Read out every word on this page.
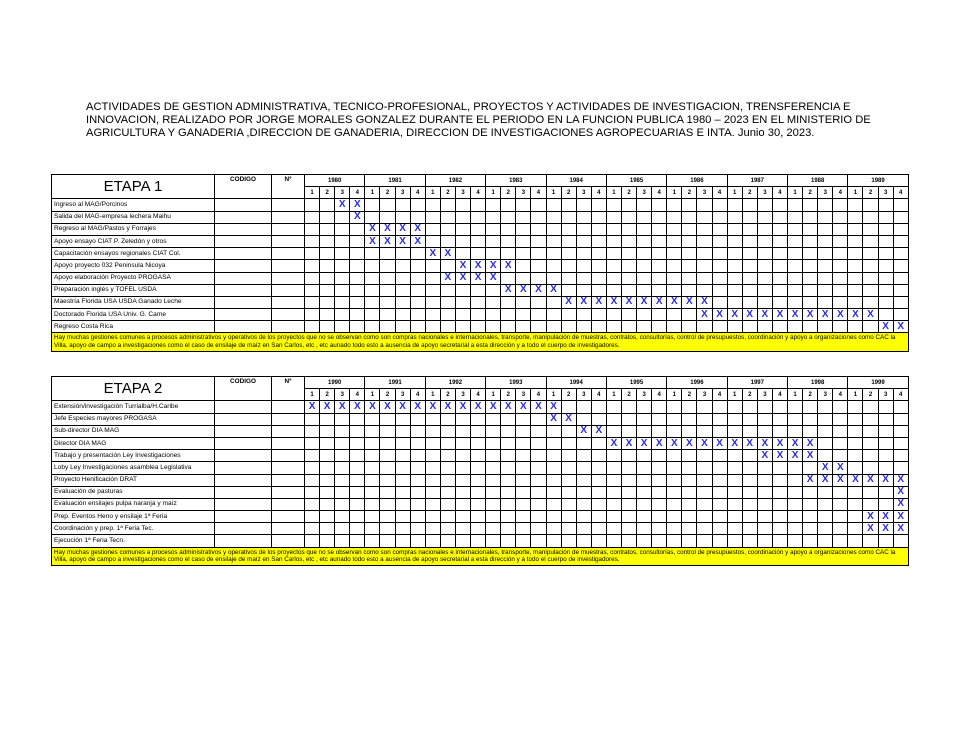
ACTIVIDADES DE GESTION ADMINISTRATIVA, TECNICO-PROFESIONAL, PROYECTOS Y ACTIVIDADES DE INVESTIGACION, TRENSFERENCIA E INNOVACION, REALIZADO POR JORGE MORALES GONZALEZ DURANTE EL PERIODO EN LA FUNCION PUBLICA 1980 – 2023 EN EL MINISTERIO DE AGRICULTURA Y GANADERIA ,DIRECCION DE GANADERIA, DIRECCION DE INVESTIGACIONES AGROPECUARIAS E INTA. Junio 30, 2023.

ETAPA 1	CODIGO	Nº	1980				1981				1982				1983				1984				1985				1986				1987				1988				1989			
			1	2	3	4	1	2	3	4	1	2	3	4	1	2	3	4	1	2	3	4	1	2	3	4	1	2	3	4	1	2	3	4	1	2	3	4	1	2	3	4
Ingreso al MAG/Porcinos					X	X																																				
Salida del MAG-empresa lechera Maihu						X																																				
Regreso al MAG/Pastos y Forrajes							X	X	X	X																																
Apoyo ensayo CIAT P. Zeledón y otros							X	X	X	X																																
Capacitación ensayos regionales CIAT Col.											X	X																														
Apoyo proyecto 032 Peninsula Nicoya													X	X	X	X																										
Apoyo elaboración Proyecto PROGASA												X	X	X	X																											
Preparación inglés y TOFEL USDA																X	X	X	X																							
Maestría Florida USA USDA Ganado Leche																				X	X	X	X	X	X	X	X	X	X													
Doctorado Florida USA Univ. G. Came																													X	X	X	X	X	X	X	X	X	X	X	X		
Regreso Costa Rica																																									X	X
Hay muchas gestiones comunes a procesos administrativos y operativos de los proyectos que no se observan como son compras nacionales e internacionales, transporte, manipulación de muestras, contratos, consultorías, control de presupuestos, coordinación y apoyo a organizaciones como CAC la Villa, apoyo de campo a investigaciones como el caso de ensilaje de maíz en San Carlos, etc , etc aunado todo esto a ausencia de apoyo secretarial a esta dirección y a todo el cuerpo de investigadores.																																										
ETAPA 2	CODIGO	Nº	1990				1991				1992				1993				1994				1995				1996				1997				1998				1999			
			1	2	3	4	1	2	3	4	1	2	3	4	1	2	3	4	1	2	3	4	1	2	3	4	1	2	3	4	1	2	3	4	1	2	3	4	1	2	3	4
Extensión/investigación Turrialba/H.Caribe			X	X	X	X	X	X	X	X	X	X	X	X	X	X	X	X	X																							
Jefe Especies mayores PROGASA																			X	X																						
Sub-director DIA MAG																					X	X																				
Director DIA MAG																							X	X	X	X	X	X	X	X	X	X	X	X	X	X						
Trabajo y presentación Ley Investigaciones																																	X	X	X	X						
Loby Ley Investigaciones asamblea Legislativa																																					X	X				
Proyecto Henificación DRAT																																				X	X	X	X	X	X	X
Evaluación de pasturas																																										X
Evaluación ensilajes pulpa naranja y maíz																																										X
Prep. Eventos Heno y ensilaje 1ª Feria																																								X	X	X
Coordinación y prep. 1ª Feria Tec.																																								X	X	X
Ejecución 1ª Feria Tecn.																																										
Hay muchas gestiones comunes a procesos administrativos y operativos de los proyectos que no se observan como son compras nacionales e internacionales, transporte, manipulación de muestras, contratos, consultorías, control de presupuestos, coordinación y apoyo a organizaciones como CAC la Villa, apoyo de campo a investigaciones como el caso de ensilaje de maíz en San Carlos, etc , etc aunado todo esto a ausencia de apoyo secretarial a esta dirección y a todo el cuerpo de investigadores.																																										
